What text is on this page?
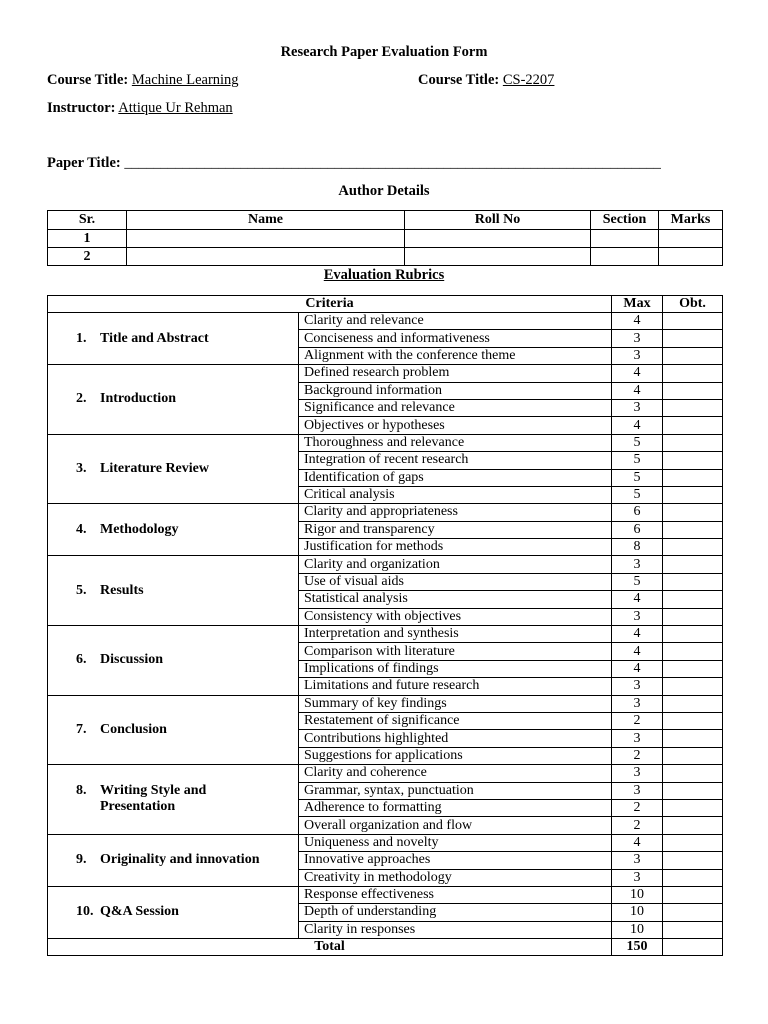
Research Paper Evaluation Form
Course Title: Machine Learning	Course Title: CS-2207
Instructor: Attique Ur Rehman
Paper Title: __________________________________________________________________________
Author Details
Sr.	Name	Roll No	Section	Marks
1				
2				
Evaluation Rubrics
Criteria		Max	Obt.

1. Title and Abstract	Clarity and relevance	4	
	Conciseness and informativeness	3	
	Alignment with the conference theme	3	

2. Introduction	Defined research problem	4	
	Background information	4	
	Significance and relevance	3	
	Objectives or hypotheses	4	

3. Literature Review	Thoroughness and relevance	5	
	Integration of recent research	5	
	Identification of gaps	5	
	Critical analysis	5	

4. Methodology	Clarity and appropriateness	6	
	Rigor and transparency	6	
	Justification for methods	8	

5. Results	Clarity and organization	3	
	Use of visual aids	5	
	Statistical analysis	4	
	Consistency with objectives	3	

6. Discussion	Interpretation and synthesis	4	
	Comparison with literature	4	
	Implications of findings	4	
	Limitations and future research	3	

7. Conclusion	Summary of key findings	3	
	Restatement of significance	2	
	Contributions highlighted	3	
	Suggestions for applications	2	

8. Writing Style and
Presentation	Clarity and coherence	3	
	Grammar, syntax, punctuation	3	
	Adherence to formatting	2	
	Overall organization and flow	2	

9. Originality and innovation	Uniqueness and novelty	4	
	Innovative approaches	3	
	Creativity in methodology	3	

10. Q&A Session	Response effectiveness	10	
	Depth of understanding	10	
	Clarity in responses	10	
Total		150	
